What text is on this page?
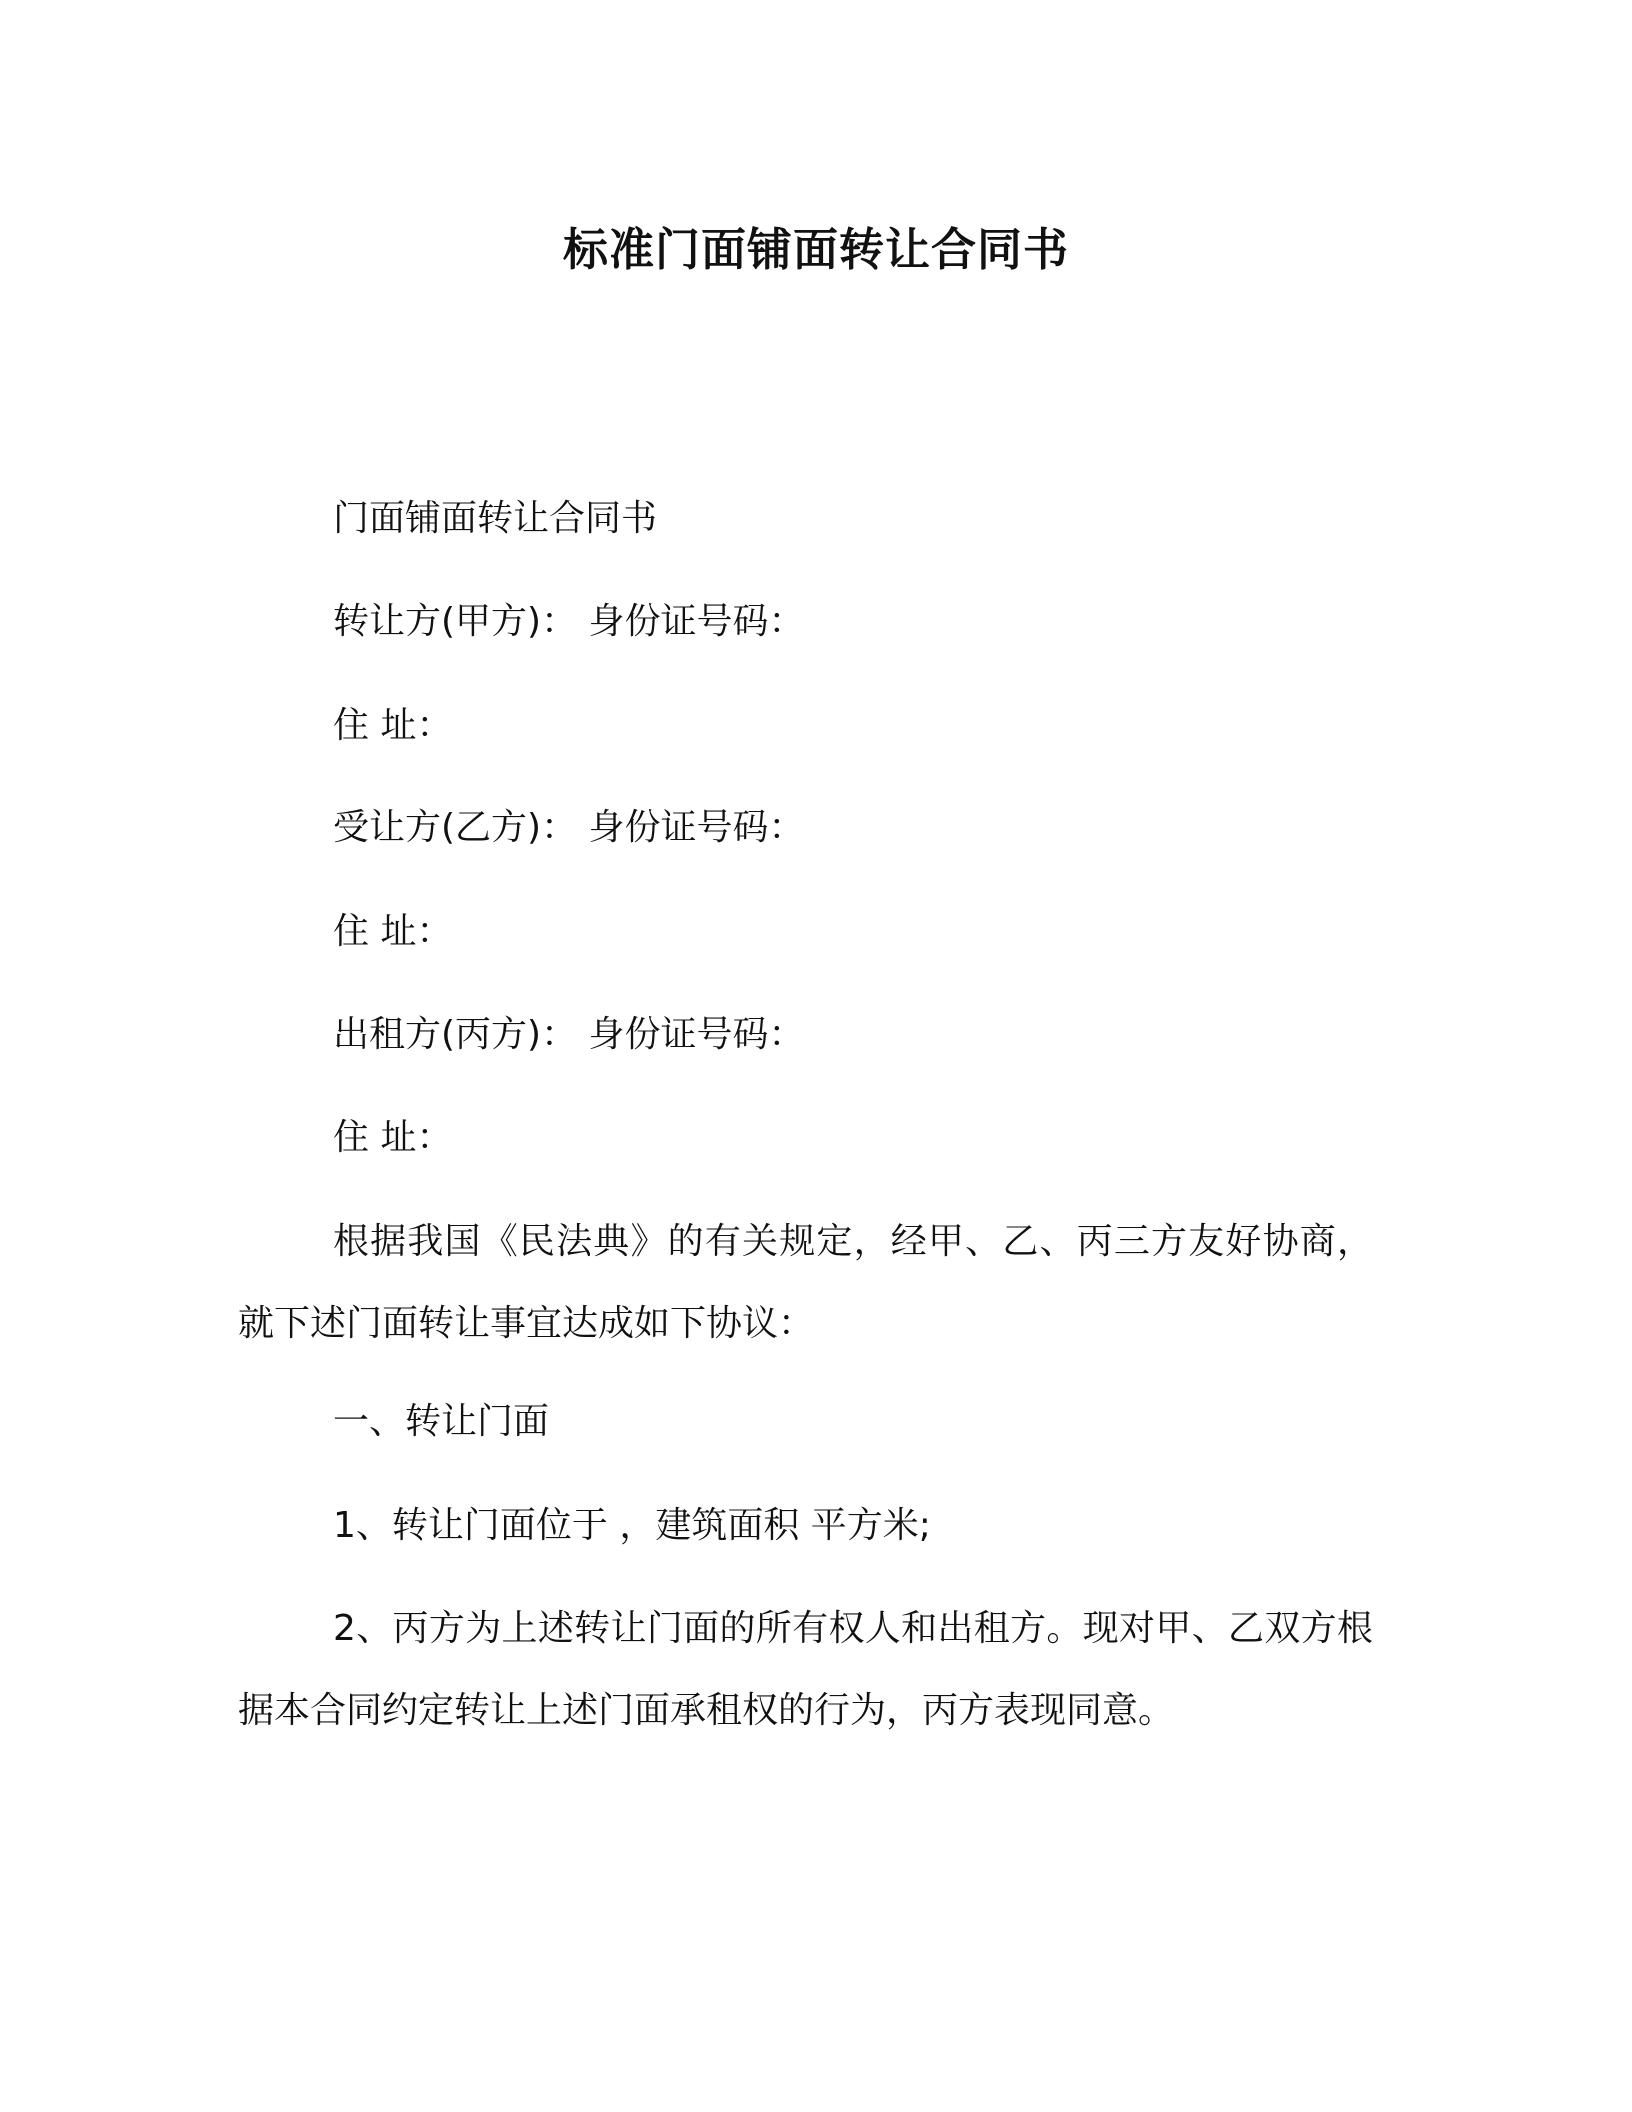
标准门面铺面转让合同书
门面铺面转让合同书
转让方(甲方)： 身份证号码：
住 址：
受让方(乙方)： 身份证号码：
住 址：
出租方(丙方)： 身份证号码：
住 址：
根据我国《民法典》的有关规定，经甲、乙、丙三方友好协商，就下述门面转让事宜达成如下协议：
一、转让门面
1、转让门面位于 ，建筑面积 平方米;
2、丙方为上述转让门面的所有权人和出租方。现对甲、乙双方根据本合同约定转让上述门面承租权的行为，丙方表现同意。
